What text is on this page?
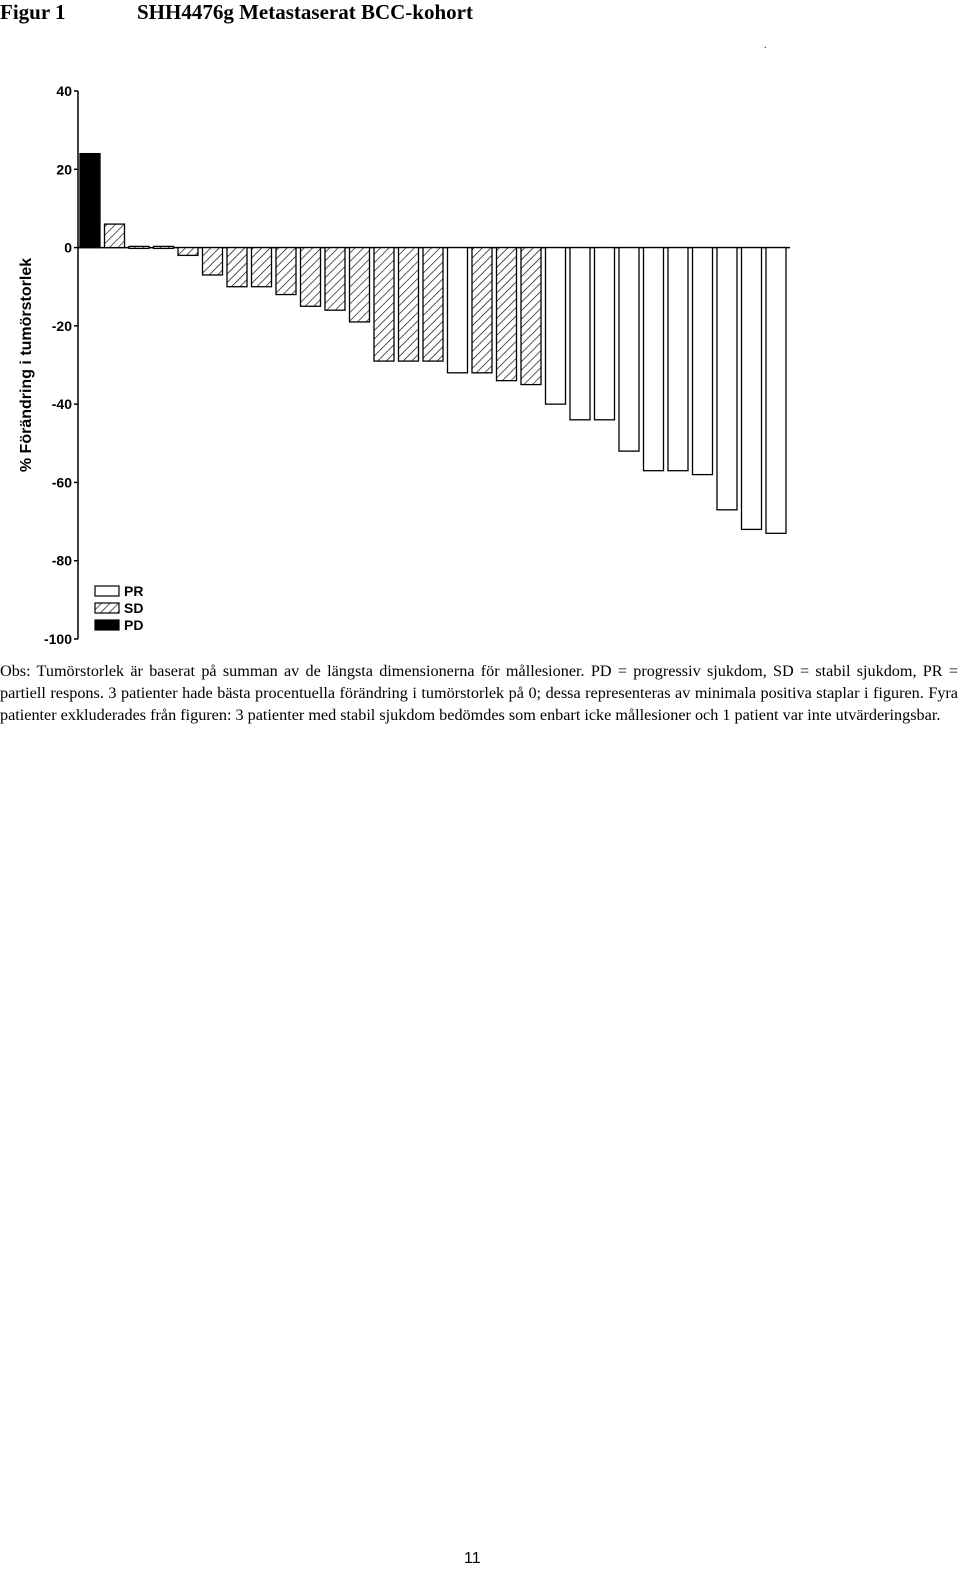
Figur 1	SHH4476g Metastaserat BCC-kohort
.
% Förändring i tumörstorlek
40
20
0
-20
-40
-60
-80
-100
PR
SD
PD
Obs: Tumörstorlek är baserat på summan av de längsta dimensionerna för mållesioner. PD = progressiv sjukdom, SD = stabil sjukdom, PR = partiell respons. 3 patienter hade bästa procentuella förändring i tumörstorlek på 0; dessa representeras av minimala positiva staplar i figuren. Fyra patienter exkluderades från figuren: 3 patienter med stabil sjukdom bedömdes som enbart icke mållesioner och 1 patient var inte utvärderingsbar.
11
